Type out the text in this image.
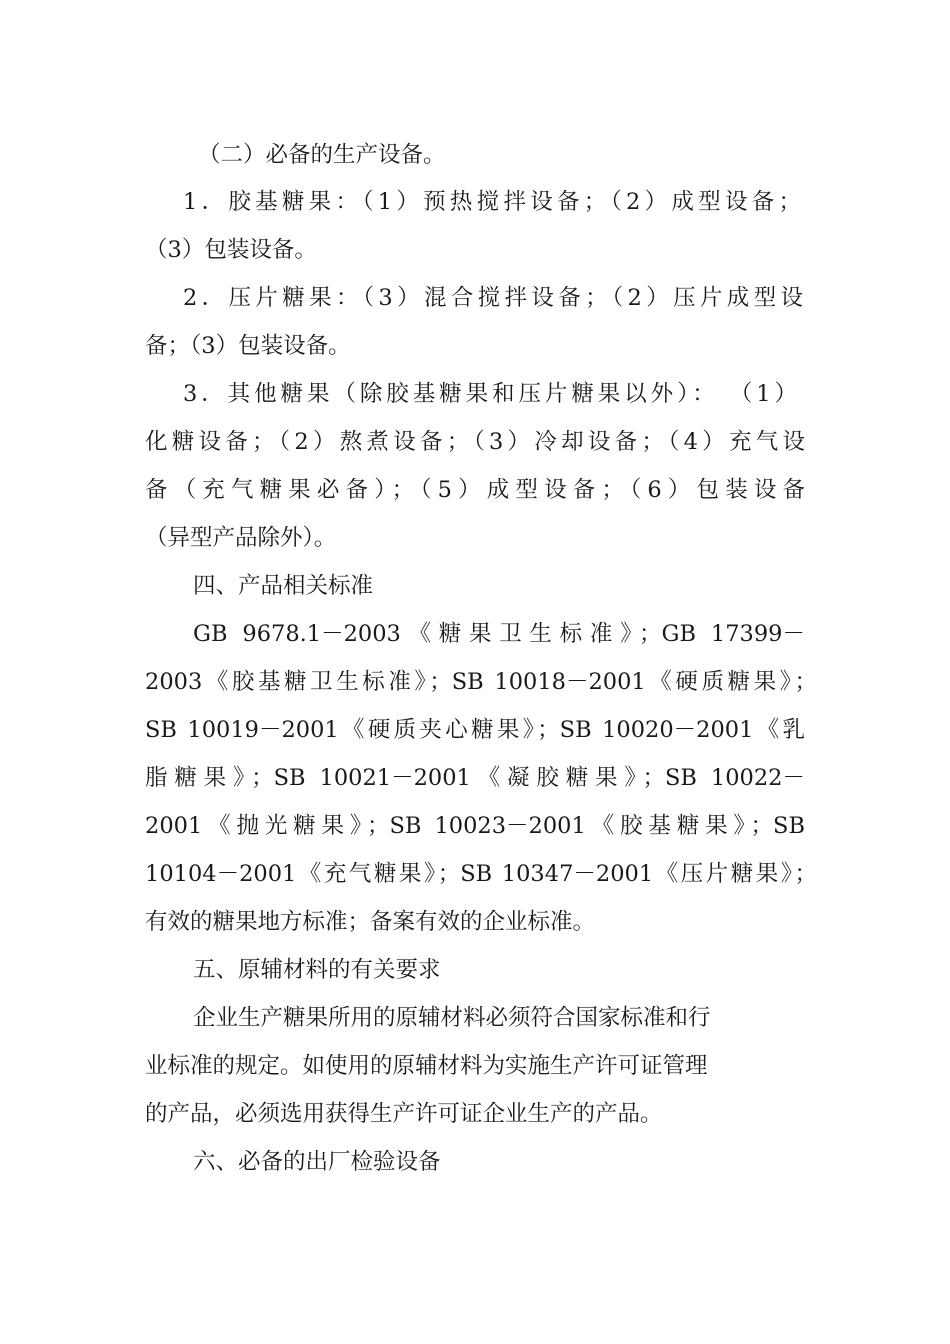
（二）必备的生产设备。
1．胶基糖果：（1）预热搅拌设备；（2）成型设备；
（3）包装设备。
2．压片糖果：（3）混合搅拌设备；（2）压片成型设
备；（3）包装设备。
3．其他糖果（除胶基糖果和压片糖果以外）： （1）
化糖设备；（2）熬煮设备；（3）冷却设备；（4）充气设
备（充气糖果必备）；（5）成型设备；（6）包装设备
（异型产品除外）。
四、产品相关标准
GB 9678.1－2003《糖果卫生标准》；GB 17399－
2003《胶基糖卫生标准》；SB 10018－2001《硬质糖果》；
SB 10019－2001《硬质夹心糖果》；SB 10020－2001《乳
脂糖果》；SB 10021－2001《凝胶糖果》；SB 10022－
2001《抛光糖果》；SB 10023－2001《胶基糖果》；SB
10104－2001《充气糖果》；SB 10347－2001《压片糖果》；
有效的糖果地方标准；备案有效的企业标准。
五、原辅材料的有关要求
企业生产糖果所用的原辅材料必须符合国家标准和行
业标准的规定。如使用的原辅材料为实施生产许可证管理
的产品，必须选用获得生产许可证企业生产的产品。
六、必备的出厂检验设备
